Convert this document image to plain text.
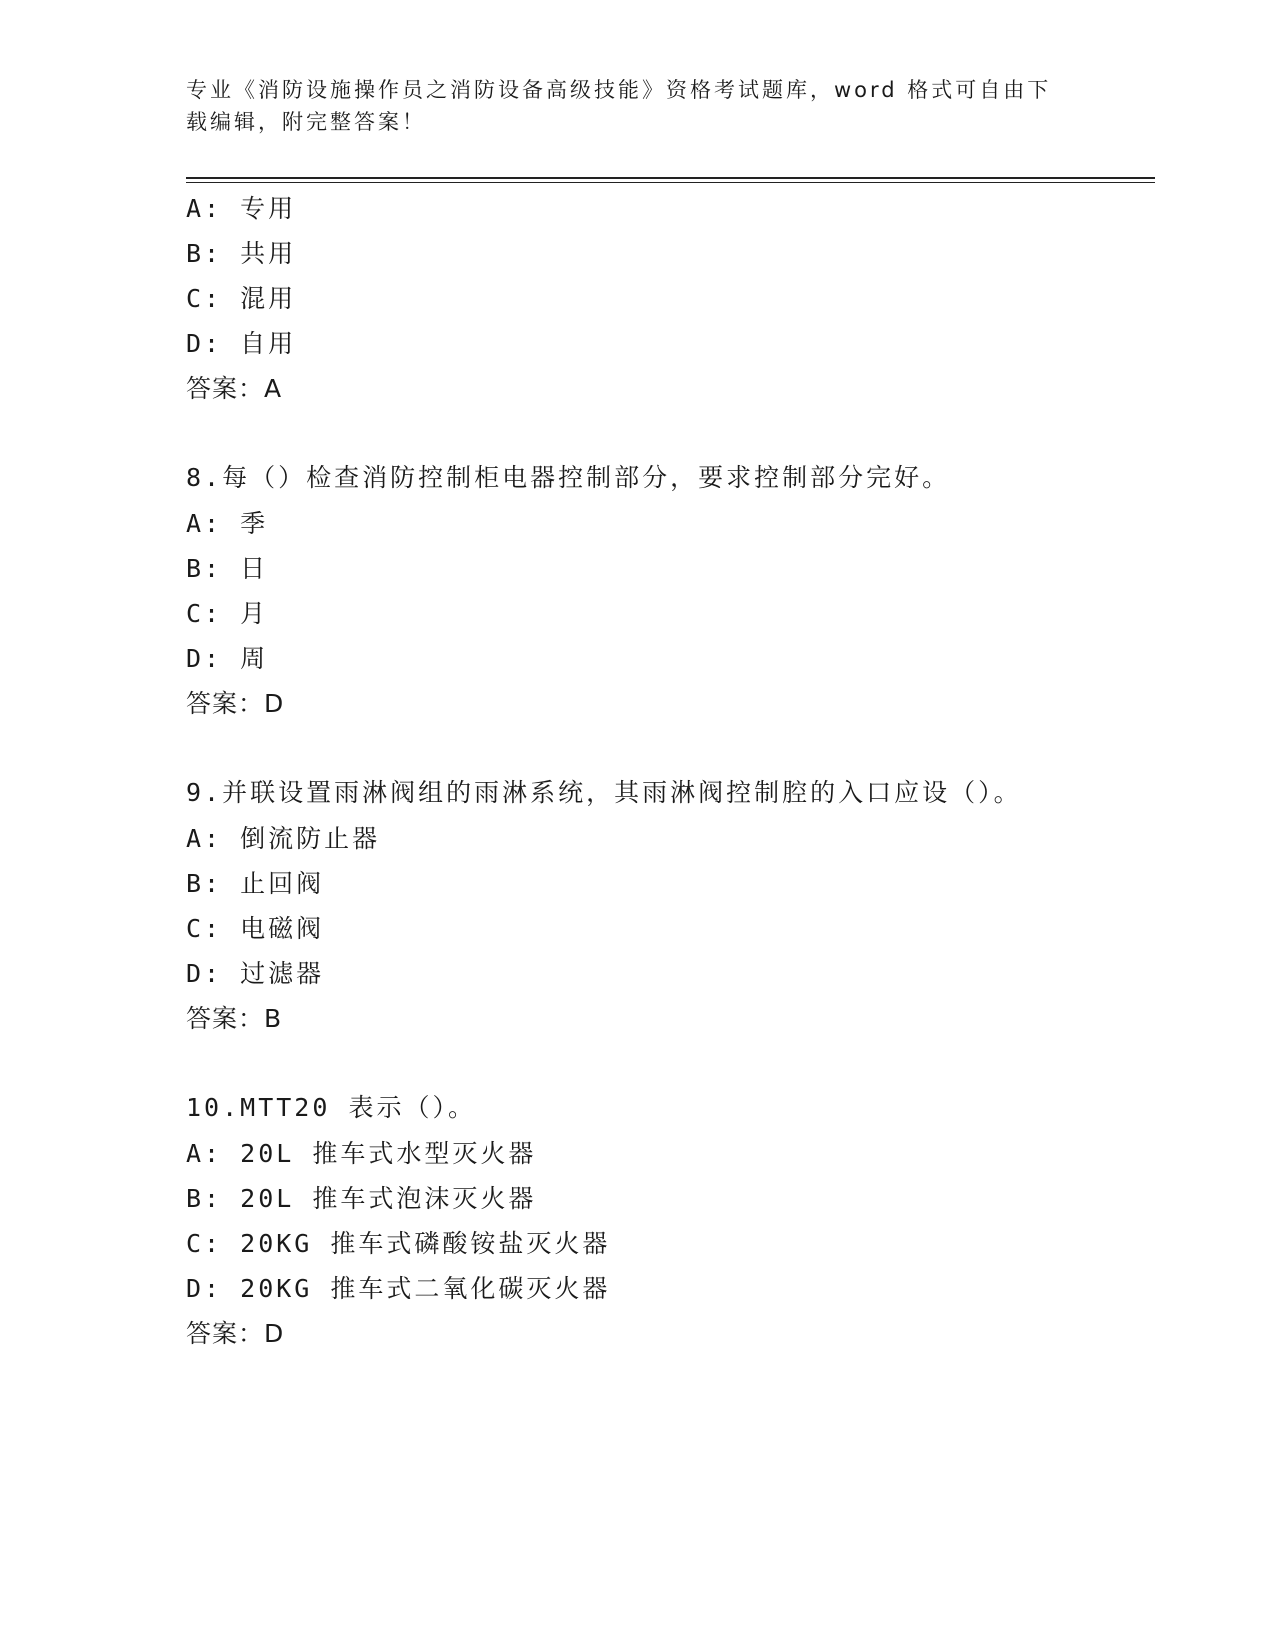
专业《消防设施操作员之消防设备高级技能》资格考试题库，word 格式可自由下
载编辑，附完整答案！
A: 专用
B: 共用
C: 混用
D: 自用
答案：A
8.每（）检查消防控制柜电器控制部分，要求控制部分完好。
A: 季
B: 日
C: 月
D: 周
答案：D
9.并联设置雨淋阀组的雨淋系统，其雨淋阀控制腔的入口应设（）。
A: 倒流防止器
B: 止回阀
C: 电磁阀
D: 过滤器
答案：B
10.MTT20 表示（）。
A: 20L 推车式水型灭火器
B: 20L 推车式泡沫灭火器
C: 20KG 推车式磷酸铵盐灭火器
D: 20KG 推车式二氧化碳灭火器
答案：D
